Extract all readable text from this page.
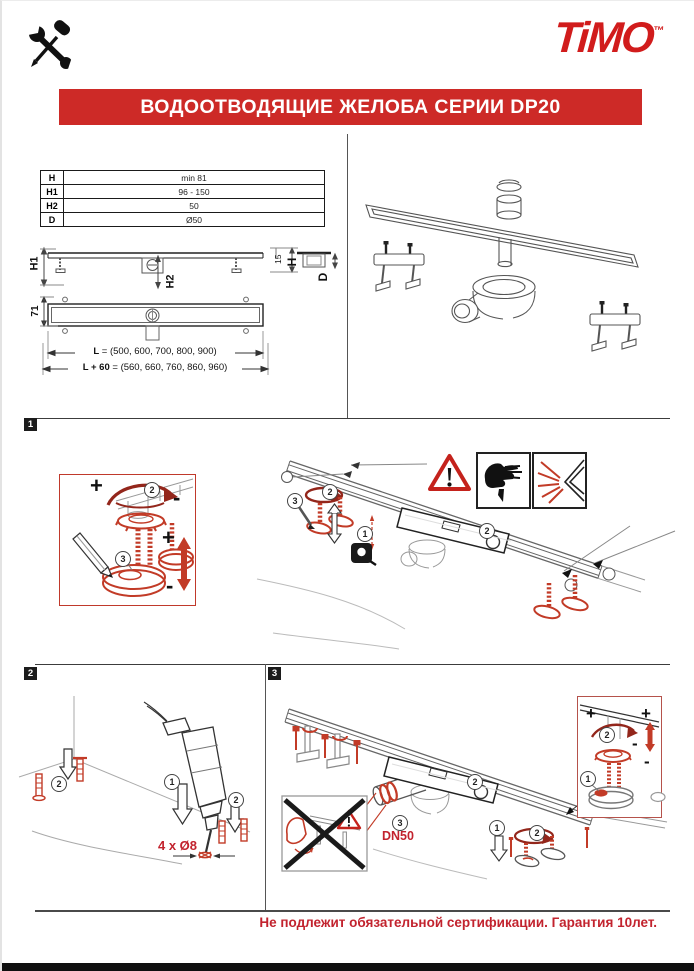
TiMO™
ВОДООТВОДЯЩИЕ ЖЕЛОБА СЕРИИ DP20
H	min 81
H1	96 - 150
H2	50
D	Ø50
H1
H2
15 H
D
71
L = (500, 600, 700, 800, 900)
L + 60 = (560, 660, 760, 860, 960)
1
+	2 -
3
+
-
3
2
1	2
2	3
2	1
2
4 x Ø8
+
2	-
+
-
1
2
3
DN50
1	2
Не подлежит обязательной сертификации. Гарантия 10лет.
